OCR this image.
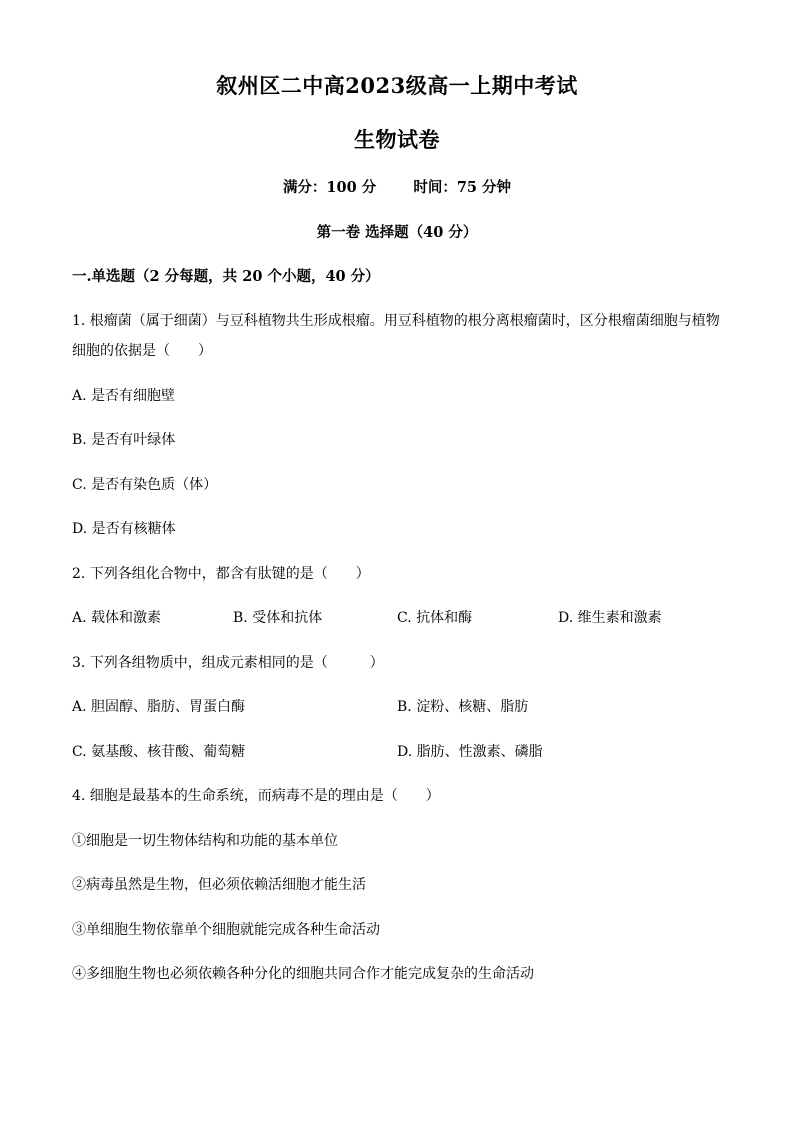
叙州区二中高2023级高一上期中考试
生物试卷
满分：100 分	时间：75 分钟
第一卷 选择题（40 分）
一.单选题（2 分每题，共 20 个小题，40 分）
1. 根瘤菌（属于细菌）与豆科植物共生形成根瘤。用豆科植物的根分离根瘤菌时，区分根瘤菌细胞与植物
细胞的依据是（　　）
A. 是否有细胞壁
B. 是否有叶绿体
C. 是否有染色质（体）
D. 是否有核糖体
2. 下列各组化合物中，都含有肽键的是（　　）
A. 载体和激素	B. 受体和抗体	C. 抗体和酶	D. 维生素和激素
3. 下列各组物质中，组成元素相同的是（　　　）
A. 胆固醇、脂肪、胃蛋白酶	B. 淀粉、核糖、脂肪
C. 氨基酸、核苷酸、葡萄糖	D. 脂肪、性激素、磷脂
4. 细胞是最基本的生命系统，而病毒不是的理由是（　　）
①细胞是一切生物体结构和功能的基本单位
②病毒虽然是生物，但必须依赖活细胞才能生活
③单细胞生物依靠单个细胞就能完成各种生命活动
④多细胞生物也必须依赖各种分化的细胞共同合作才能完成复杂的生命活动
